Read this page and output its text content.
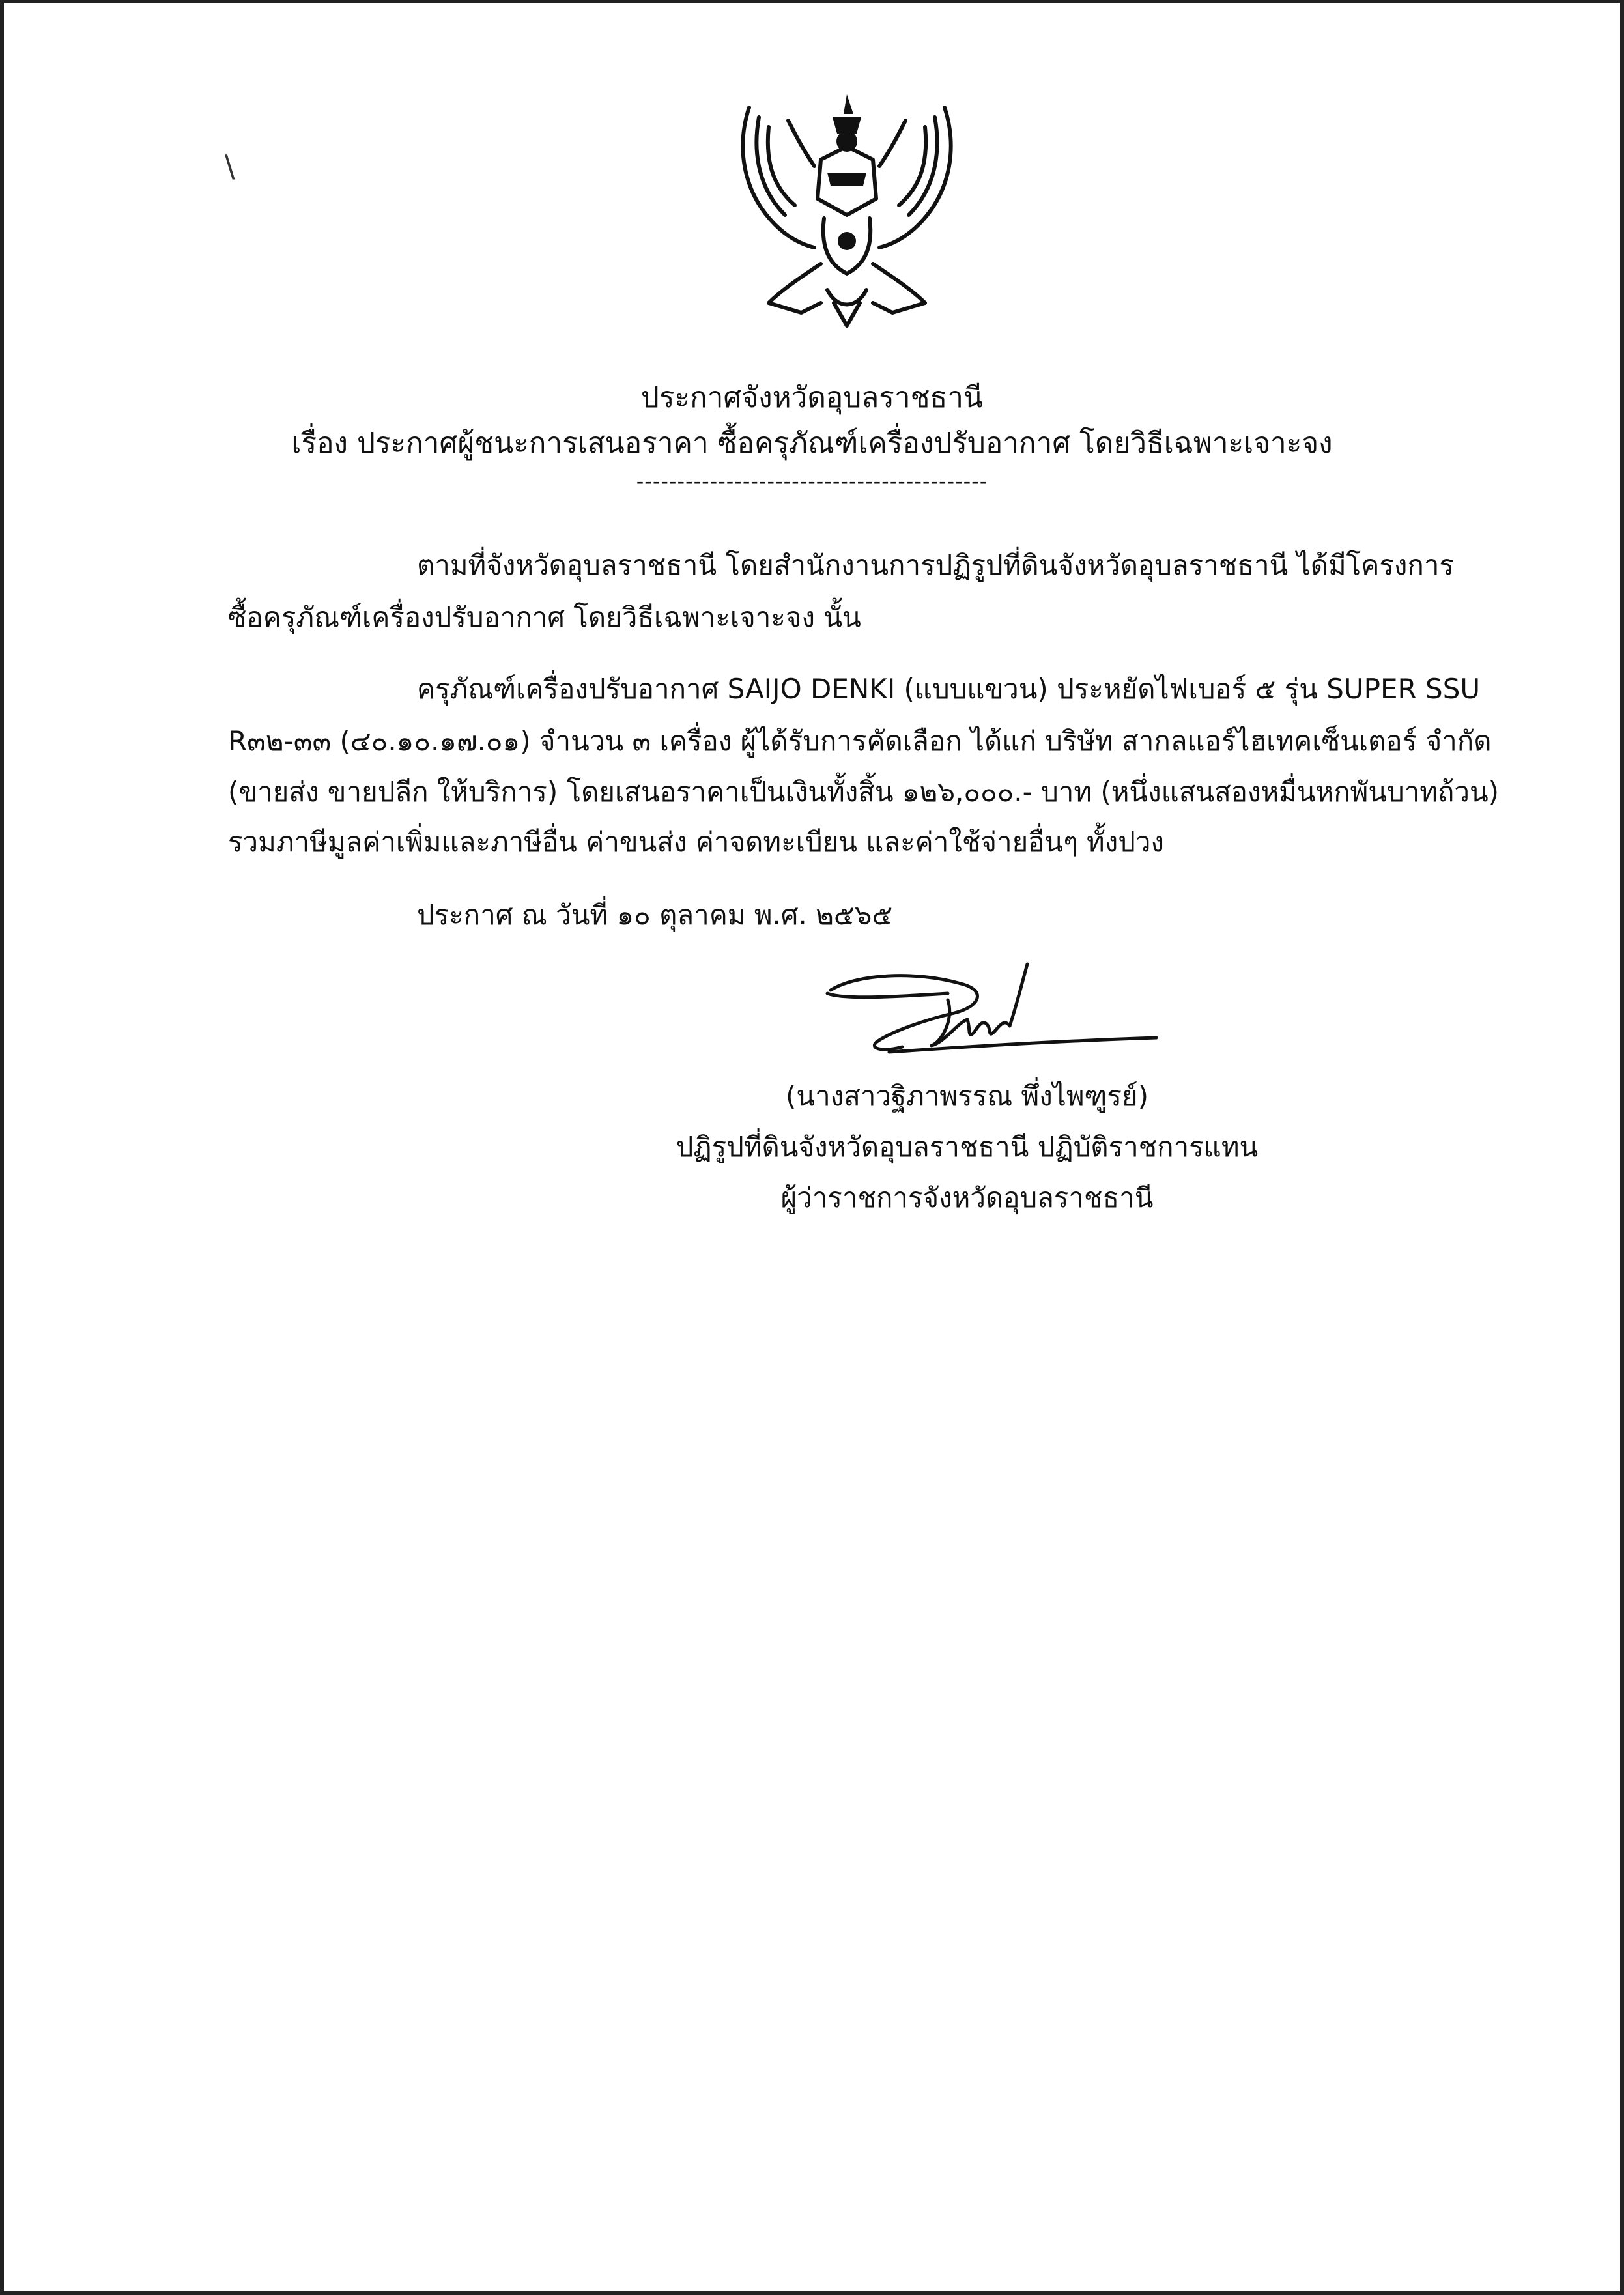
\
ประกาศจังหวัดอุบลราชธานี
เรื่อง ประกาศผู้ชนะการเสนอราคา ซื้อครุภัณฑ์เครื่องปรับอากาศ โดยวิธีเฉพาะเจาะจง
-------------------------------------------
ตามที่จังหวัดอุบลราชธานี โดยสำนักงานการปฏิรูปที่ดินจังหวัดอุบลราชธานี ได้มีโครงการ
ซื้อครุภัณฑ์เครื่องปรับอากาศ โดยวิธีเฉพาะเจาะจง นั้น
ครุภัณฑ์เครื่องปรับอากาศ SAIJO DENKI (แบบแขวน) ประหยัดไฟเบอร์ ๕ รุ่น SUPER SSU
R๓๒-๓๓ (๔๐.๑๐.๑๗.๐๑) จำนวน ๓ เครื่อง ผู้ได้รับการคัดเลือก ได้แก่ บริษัท สากลแอร์ไฮเทคเซ็นเตอร์ จำกัด
(ขายส่ง ขายปลีก ให้บริการ) โดยเสนอราคาเป็นเงินทั้งสิ้น ๑๒๖,๐๐๐.- บาท (หนึ่งแสนสองหมื่นหกพันบาทถ้วน)
รวมภาษีมูลค่าเพิ่มและภาษีอื่น ค่าขนส่ง ค่าจดทะเบียน และค่าใช้จ่ายอื่นๆ ทั้งปวง
ประกาศ ณ วันที่ ๑๐ ตุลาคม พ.ศ. ๒๕๖๕
(นางสาวฐิภาพรรณ พึ่งไพฑูรย์)
ปฏิรูปที่ดินจังหวัดอุบลราชธานี ปฏิบัติราชการแทน
ผู้ว่าราชการจังหวัดอุบลราชธานี
